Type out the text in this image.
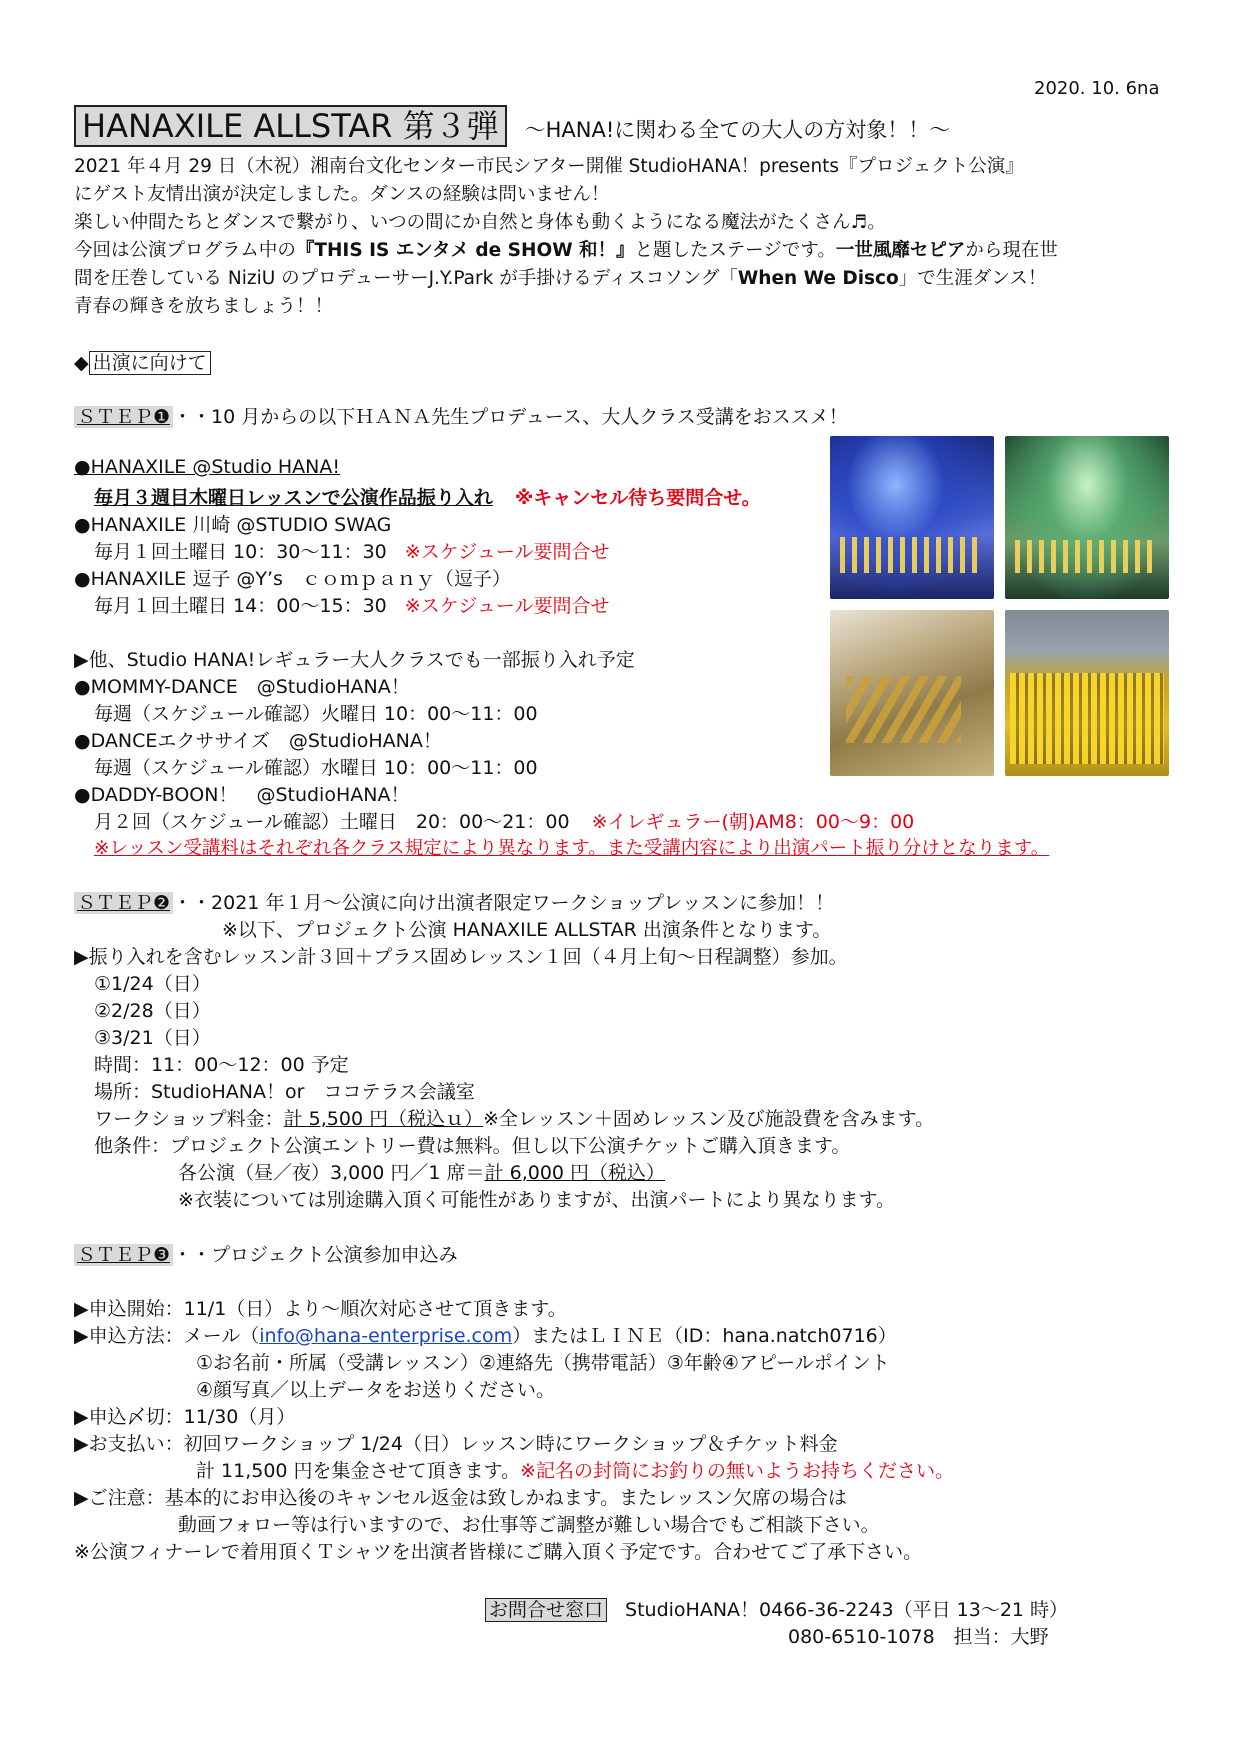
2020. 10. 6na
HANAXILE ALLSTAR 第３弾 ～HANA!に関わる全ての大人の方対象！！～
2021 年４月 29 日（木祝）湘南台文化センター市民シアター開催 StudioHANA！presents『プロジェクト公演』
にゲスト友情出演が決定しました。ダンスの経験は問いません！
楽しい仲間たちとダンスで繋がり、いつの間にか自然と身体も動くようになる魔法がたくさん♬。
今回は公演プログラム中の『THIS IS エンタメ de SHOW 和！』と題したステージです。一世風靡セピアから現在世
間を圧巻している NiziU のプロデューサーJ.Y.Park が手掛けるディスコソング「When We Disco」で生涯ダンス！
青春の輝きを放ちましょう！！
◆ 出演に向けて
ＳＴＥＰ❶ ・・10 月からの以下ＨＡＮＡ先生プロデュース、大人クラス受講をおススメ！
●HANAXILE @Studio HANA!
毎月３週目木曜日レッスンで公演作品振り入れ ※キャンセル待ち要問合せ。
●HANAXILE 川崎 @STUDIO SWAG
毎月１回土曜日 10：30～11：30 ※スケジュール要問合せ
●HANAXILE 逗子 @Y’s　ｃｏｍｐａｎｙ（逗子）
毎月１回土曜日 14：00～15：30 ※スケジュール要問合せ
▶他、Studio HANA!レギュラー大人クラスでも一部振り入れ予定
●MOMMY-DANCE　@StudioHANA！
毎週（スケジュール確認）火曜日 10：00～11：00
●DANCEエクササイズ　@StudioHANA！
毎週（スケジュール確認）水曜日 10：00～11：00
●DADDY-BOON！　@StudioHANA！
月２回（スケジュール確認）土曜日　20：00～21：00 ※イレギュラー(朝)AM8：00～9：00
※レッスン受講料はそれぞれ各クラス規定により異なります。また受講内容により出演パート振り分けとなります。
ＳＴＥＰ❷ ・・2021 年１月～公演に向け出演者限定ワークショップレッスンに参加！！
※以下、プロジェクト公演 HANAXILE ALLSTAR 出演条件となります。
▶振り入れを含むレッスン計３回＋プラス固めレッスン１回（４月上旬～日程調整）参加。
①1/24（日）
②2/28（日）
③3/21（日）
時間：11：00～12：00 予定
場所：StudioHANA！or　ココテラス会議室
ワークショップ料金：計 5,500 円（税込ｕ）※全レッスン＋固めレッスン及び施設費を含みます。
他条件：プロジェクト公演エントリー費は無料。但し以下公演チケットご購入頂きます。
各公演（昼／夜）3,000 円／1 席＝計 6,000 円（税込）
※衣装については別途購入頂く可能性がありますが、出演パートにより異なります。
ＳＴＥＰ❸ ・・プロジェクト公演参加申込み
▶申込開始：11/1（日）より～順次対応させて頂きます。
▶申込方法：メール（info@hana-enterprise.com）またはＬＩＮＥ（ID：hana.natch0716）
①お名前・所属（受講レッスン）②連絡先（携帯電話）③年齢④アピールポイント
④顔写真／以上データをお送りください。
▶申込〆切：11/30（月）
▶お支払い：初回ワークショップ 1/24（日）レッスン時にワークショップ＆チケット料金
計 11,500 円を集金させて頂きます。※記名の封筒にお釣りの無いようお持ちください。
▶ご注意：基本的にお申込後のキャンセル返金は致しかねます。またレッスン欠席の場合は
動画フォロー等は行いますので、お仕事等ご調整が難しい場合でもご相談下さい。
※公演フィナーレで着用頂くＴシャツを出演者皆様にご購入頂く予定です。合わせてご了承下さい。
お問合せ窓口 StudioHANA！0466-36-2243（平日 13～21 時）
080-6510-1078　担当：大野
